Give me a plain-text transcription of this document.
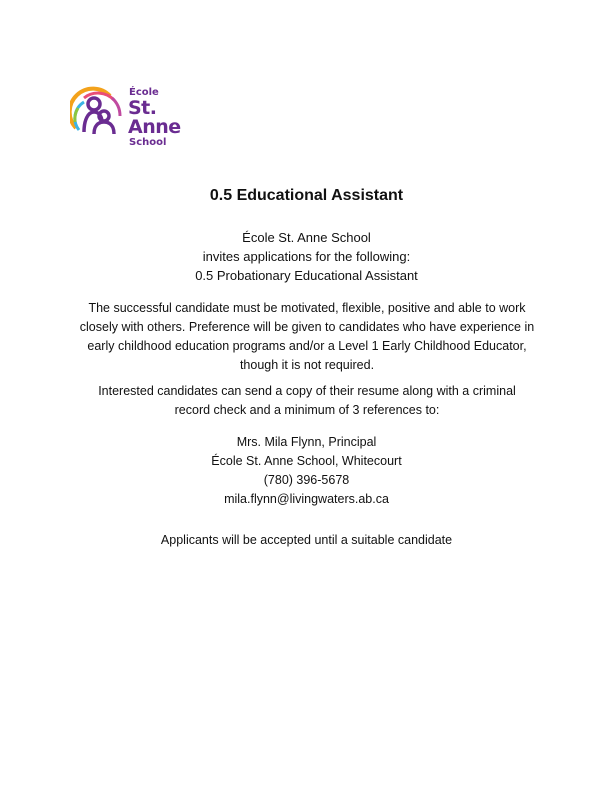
École
St. Anne
School
0.5 Educational Assistant
École St. Anne School
invites applications for the following:
0.5 Probationary Educational Assistant
The successful candidate must be motivated, flexible, positive and able to work closely with others. Preference will be given to candidates who have experience in early childhood education programs and/or a Level 1 Early Childhood Educator, though it is not required.
Interested candidates can send a copy of their resume along with a criminal record check and a minimum of 3 references to:
Mrs. Mila Flynn, Principal
École St. Anne School, Whitecourt
(780) 396-5678
mila.flynn@livingwaters.ab.ca
Applicants will be accepted until a suitable candidate
